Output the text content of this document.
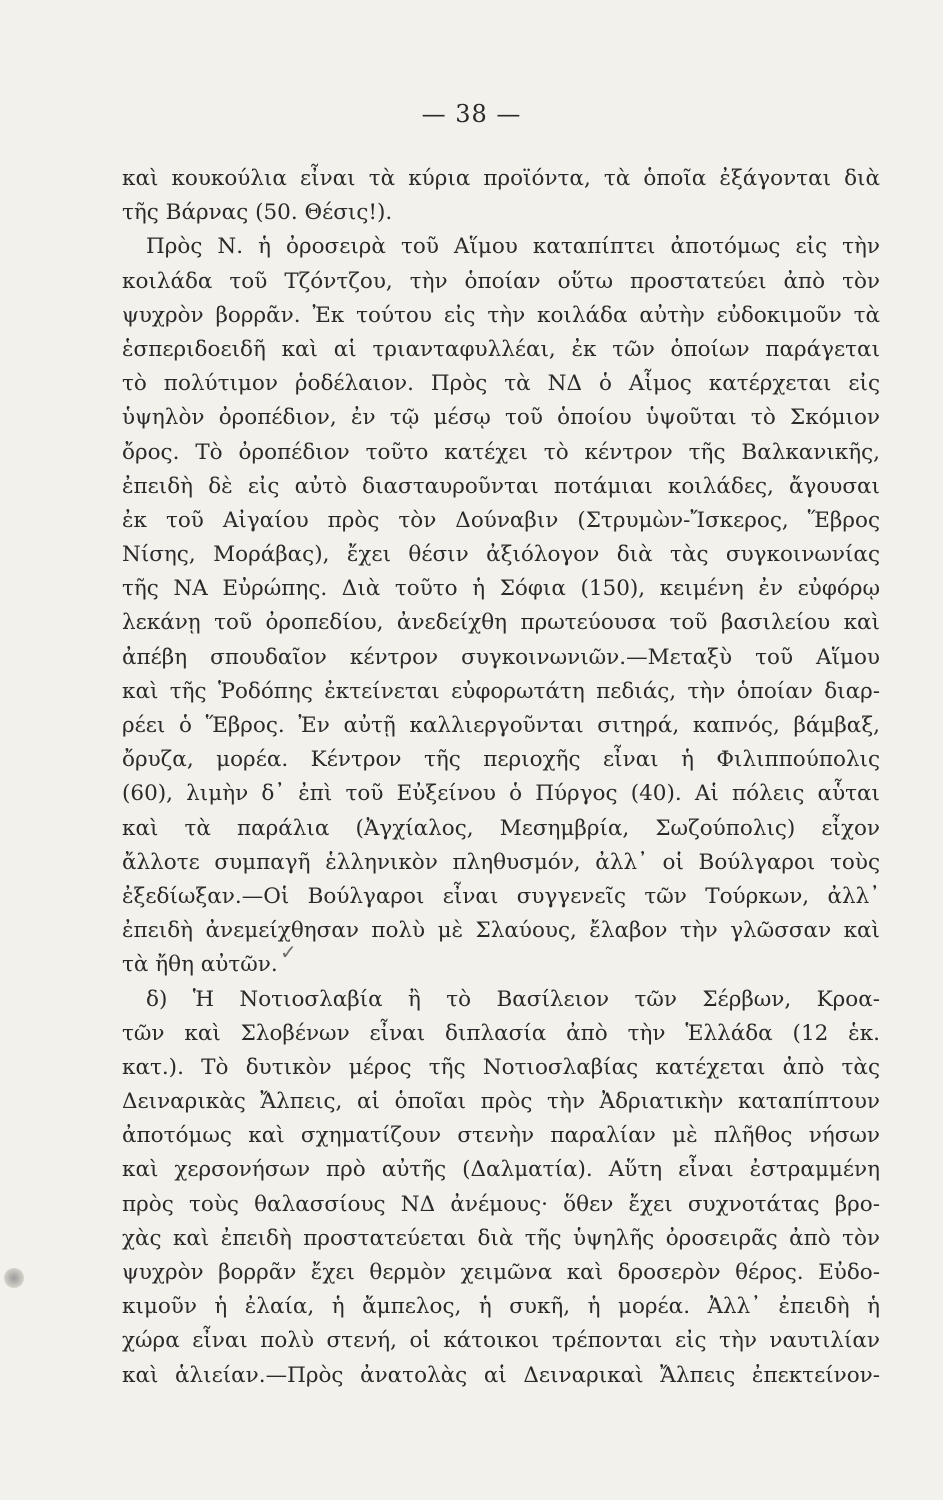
— 38 —
καὶ κουκούλια εἶναι τὰ κύρια προϊόντα, τὰ ὁποῖα ἐξάγονται διὰ
τῆς Βάρνας (50. Θέσις!).
Πρὸς Ν. ἡ ὀροσειρὰ τοῦ Αἵμου καταπίπτει ἀποτόμως εἰς τὴν
κοιλάδα τοῦ Τζόντζου, τὴν ὁποίαν οὕτω προστατεύει ἀπὸ τὸν
ψυχρὸν βορρᾶν. Ἐκ τούτου εἰς τὴν κοιλάδα αὐτὴν εὐδοκιμοῦν τὰ
ἑσπεριδοειδῆ καὶ αἱ τριανταφυλλέαι, ἐκ τῶν ὁποίων παράγεται
τὸ πολύτιμον ῥοδέλαιον. Πρὸς τὰ ΝΔ ὁ Αἷμος κατέρχεται εἰς
ὑψηλὸν ὀροπέδιον, ἐν τῷ μέσῳ τοῦ ὁποίου ὑψοῦται τὸ Σκόμιον
ὄρος. Τὸ ὀροπέδιον τοῦτο κατέχει τὸ κέντρον τῆς Βαλκανικῆς,
ἐπειδὴ δὲ εἰς αὐτὸ διασταυροῦνται ποτάμιαι κοιλάδες, ἄγουσαι
ἐκ τοῦ Αἰγαίου πρὸς τὸν Δούναβιν (Στρυμὼν-Ἴσκερος, Ἕβρος
Νίσης, Μοράβας), ἔχει θέσιν ἀξιόλογον διὰ τὰς συγκοινωνίας
τῆς ΝΑ Εὐρώπης. Διὰ τοῦτο ἡ Σόφια (150), κειμένη ἐν εὐφόρῳ
λεκάνῃ τοῦ ὀροπεδίου, ἀνεδείχθη πρωτεύουσα τοῦ βασιλείου καὶ
ἀπέβη σπουδαῖον κέντρον συγκοινωνιῶν.—Μεταξὺ τοῦ Αἵμου
καὶ τῆς Ῥοδόπης ἐκτείνεται εὐφορωτάτη πεδιάς, τὴν ὁποίαν διαρ-
ρέει ὁ Ἕβρος. Ἐν αὐτῇ καλλιεργοῦνται σιτηρά, καπνός, βάμβαξ,
ὄρυζα, μορέα. Κέντρον τῆς περιοχῆς εἶναι ἡ Φιλιππούπολις
(60), λιμὴν δ᾽ ἐπὶ τοῦ Εὐξείνου ὁ Πύργος (40). Αἱ πόλεις αὗται
καὶ τὰ παράλια (Ἀγχίαλος, Μεσημβρία, Σωζούπολις) εἶχον
ἄλλοτε συμπαγῆ ἑλληνικὸν πληθυσμόν, ἀλλ᾽ οἱ Βούλγαροι τοὺς
ἐξεδίωξαν.—Οἱ Βούλγαροι εἶναι συγγενεῖς τῶν Τούρκων, ἀλλ᾽
ἐπειδὴ ἀνεμείχθησαν πολὺ μὲ Σλαύους, ἔλαβον τὴν γλῶσσαν καὶ
τὰ ἤθη αὐτῶν.
δ) Ἡ Νοτιοσλαβία ἢ τὸ Βασίλειον τῶν Σέρβων, Κροα-
τῶν καὶ Σλοβένων εἶναι διπλασία ἀπὸ τὴν Ἑλλάδα (12 ἑκ.
κατ.). Τὸ δυτικὸν μέρος τῆς Νοτιοσλαβίας κατέχεται ἀπὸ τὰς
Δειναρικὰς Ἄλπεις, αἱ ὁποῖαι πρὸς τὴν Ἀδριατικὴν καταπίπτουν
ἀποτόμως καὶ σχηματίζουν στενὴν παραλίαν μὲ πλῆθος νήσων
καὶ χερσονήσων πρὸ αὐτῆς (Δαλματία). Αὕτη εἶναι ἐστραμμένη
πρὸς τοὺς θαλασσίους ΝΔ ἀνέμους· ὅθεν ἔχει συχνοτάτας βρο-
χὰς καὶ ἐπειδὴ προστατεύεται διὰ τῆς ὑψηλῆς ὀροσειρᾶς ἀπὸ τὸν
ψυχρὸν βορρᾶν ἔχει θερμὸν χειμῶνα καὶ δροσερὸν θέρος. Εὐδο-
κιμοῦν ἡ ἐλαία, ἡ ἄμπελος, ἡ συκῆ, ἡ μορέα. Ἀλλ᾽ ἐπειδὴ ἡ
χώρα εἶναι πολὺ στενή, οἱ κάτοικοι τρέπονται εἰς τὴν ναυτιλίαν
καὶ ἁλιείαν.—Πρὸς ἀνατολὰς αἱ Δειναρικαὶ Ἄλπεις ἐπεκτείνον-
✓
